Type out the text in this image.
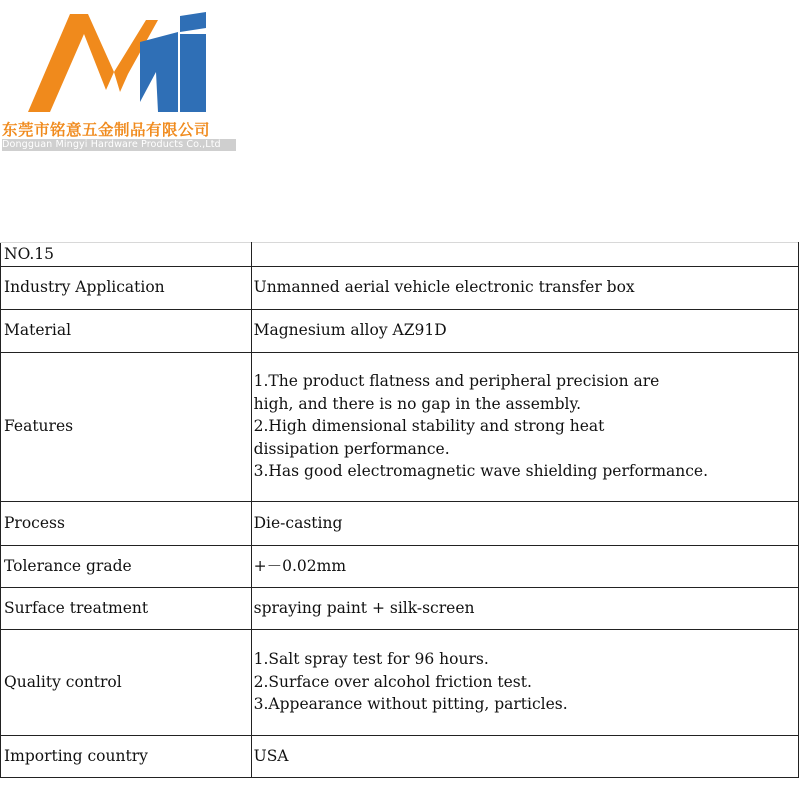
东莞市铭意五金制品有限公司
Dongguan Mingyi Hardware Products Co.,Ltd
NO.15	
Industry Application	Unmanned aerial vehicle electronic transfer box

Material	Magnesium alloy AZ91D

Features	1.The product flatness and peripheral precision are
high, and there is no gap in the assembly.
2.High dimensional stability and strong heat
dissipation performance.
3.Has good electromagnetic wave shielding performance.

Process	Die-casting

Tolerance grade	+－0.02mm

Surface treatment	spraying paint + silk-screen

Quality control	1.Salt spray test for 96 hours.
2.Surface over alcohol friction test.
3.Appearance without pitting, particles.

Importing country	USA
